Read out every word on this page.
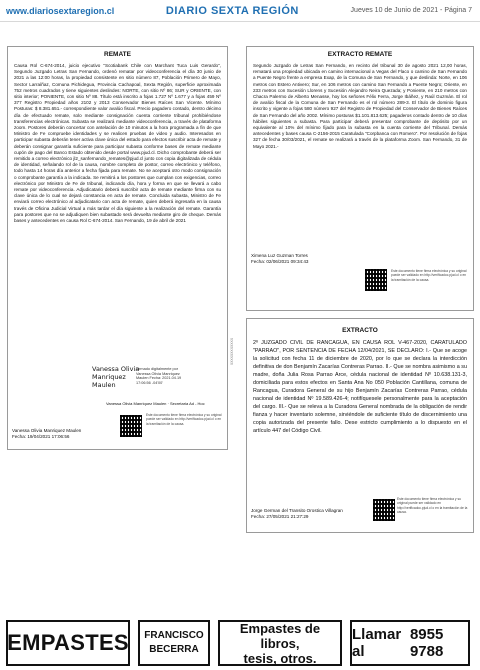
www.diariosextaregion.cl	DIARIO SEXTA REGIÓN	Jueves 10 de Junio de 2021 - Página 7
REMATE
Causa Rol C-674-2014, juicio ejecutivo "Scotiabank Chile con Marchant Tuca Luis Gerardo", Segundo Juzgado Letras San Fernando, ordenó rematar por videoconferencia el día 30 junio de 2021 a las 12:00 horas, la propiedad consistente en sitio número 87, Población Primero de Mayo, Sector Larraíñaz, Comuna Pichidegua, Provincia Cachapoal, Sexta Región, superficie aproximada 752 metros cuadrados y tiene siguientes deslindes: NORTE, con sitio Nº 86; SUR y ORIENTE, con sitio interior; PONIENTE, con sitio Nº 88. Título está inscrito a fojas 1.727 Nº 1.677 y a fojas 459 Nº 377 Registro Propiedad años 2102 y 2013 Conservador Bienes Raíces San Vicente. Mínimo Posturas: $ 8.381.651.- correspondiente valor avalúo fiscal. Precio pagadero contado, dentro décimo día de efectuado remate, solo mediante consignación cuenta corriente tribunal prohibiéndose transferencias electrónicas. Subasta se realizará mediante videoconferencia, a través de plataforma zoom. Postores deberán concertar con antelación de 10 minutos a la hora programada a fin de que Ministro de Fe compruebe identidades y se realicen pruebas de video y audio. Interesados en participar subasta deberán tener activa clave única del estado para efectos suscribir acta de remate y deberán consignar garantía suficiente para participar subasta conforme bases de remate mediante cupón de pago del Banco Estado obtenido desde portal www.pjud.cl. Dicho comprobante deberá ser remitido a correo electrónico jl2_sanfernando_remates@pjud.cl junto con copia digitalizada de cédula de identidad, señalando rol de la causa, nombre completo de postor, correo electrónico y teléfono, todo hasta 14 horas día anterior a fecha fijada para remate. No se aceptará otro modo consignación o comprobante garantía a la indicada. Se remitirá a los postores que cumplan con exigencias, correo electrónico por Ministro de Fe de tribunal, indicando día, hora y forma en que se llevará a cabo remate por videoconferencia. Adjudicatario deberá suscribir acta de remate mediante firma con su clave única de lo cual se dejará constancia en acta de remate. Concluida subasta, Ministro de Fe enviará correo electrónico al adjudicatario con acta de remate, quien deberá ingresarla en la causa través de Oficina Judicial Virtual a más tardar el día siguiente a la realización del remate. Garantía para postores que no se adjudiquen bien subastado será devuelta mediante giro de cheque. Demás bases y antecedentes en causa Rol C-674-2014. San Fernando, 19 de abril de 2021
Vanessa Olivia Manriquez Maulen
Firmado digitalmente por Vanessa Olivia Manriquez Maulen Fecha: 2021.04.19 17:06:56 -04'00'
Vanessa Olivia Manriquez Maulen · Secretaria Ad - Hoc
Vanessa Olivia Manriquez Maulen
Fecha: 19/04/2021 17:06:56
Este documento tiene firma electrónica y su original puede ser validado en http://verificadoc.pjud.cl o en la tramitación de la causa.
XXXXXXXXXXXX
EXTRACTO REMATE
Segundo Juzgado de Letras San Fernando, en recinto del tribunal 30 de agosto 2021 12,00 horas, rematará una propiedad ubicada en camino internacional a Vegas del Flaco o camino de San Fernando a Puente Negro frente a empresa Exap, de la Comuna de San Fernando, y que deslinda: Norte, en 106 metros con Estero Antivero; Sur, en 106 metros con camino San Fernando a Puente Negro; Oriente, en 233 metros con Sucesión Llorens y Sucesión Alejandro Neira Quezada; y Poniente, en 210 metros con Chacra Palermo de Alberto Menasse, hoy los señores Félix Ferra, Jorge Ibáñez, y Raúl Guzmán. El rol de avalúo fiscal de la Comuna de San Fernando es el rol número 289-3. El título de dominio figura inscrito y vigente a fojas 580 número 927 del Registro de Propiedad del Conservador de Bienes Raíces de San Fernando del año 2002. Mínimo posturas $1.101.813.625; pagaderos contado dentro de 10 días hábiles siguientes a subasta. Para participar deberá presentar comprobante de depósito por un equivalente al 10% del mínimo fijado para la subasta en la cuenta corriente del Tribunal. Demás antecedentes y bases causa C-2156-2015 Caratulada "Corpbanca con Romero". Por resolución de fojas 327 de fecha 30/03/2021, el remate se realizará a través de la plataforma Zoom. San Fernando, 31 de Mayo 2021.-
Ximena Luz Guzman Torres
Fecha: 02/06/2021 09:34:43
Este documento tiene firma electrónica y su original puede ser validado en http://verificadoc.pjud.cl o en la tramitación de la causa.
EXTRACTO
2º JUZGADO CIVIL DE RANCAGUA, EN CAUSA ROL V-467-2020, CARATULADO "PARRAO", POR SENTENCIA DE FECHA 12/04/2021, SE DECLARO: I.- Que se acoge la solicitud con fecha 11 de diciembre de 2020, por lo que se declara la interdicción definitiva de don Benjamín Zacarías Contreras Parrao. II.- Que se nombra asimismo a su madre, doña Julia Rosa Parrao Arce, cédula nacional de identidad Nº 10.638.131-3, domiciliada para estos efectos en Santa Ana No 050 Población Cantillana, comuna de Rancagua, Curadora General de su hijo Benjamín Zacarías Contreras Parrao, cédula nacional de identidad Nº 19.589.426-4; notifíquesele personalmente para la aceptación del cargo. III.- Que se releva a la Curadora General nombrada de la obligación de rendir fianza y hacer inventario solemne, sirviéndole de suficiente título de discernimiento una copia autorizada del presente fallo. Dese estricto cumplimiento a lo dispuesto en el artículo 447 del Código Civil.
Jorge German del Transito Orostica Villagran
Fecha: 27/05/2021 21:27:29
Este documento tiene firma electrónica y su original puede ser validado en http://verificadoc.pjud.cl o en la tramitación de la causa.
EMPASTES FRANCISCO
BECERRA
Empastes de libros,
tesis, otros.
Llamar al
8955 9788
